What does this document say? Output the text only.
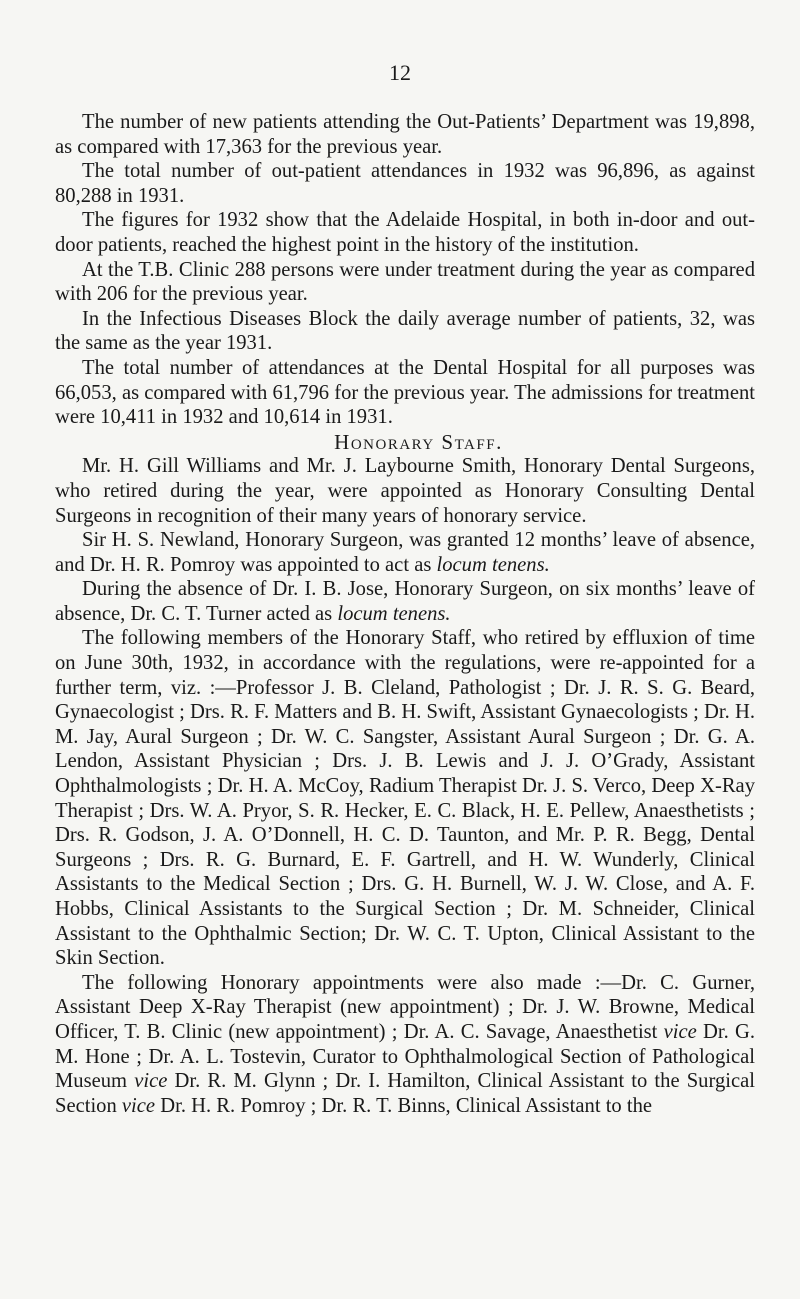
12

The number of new patients attending the Out-Patients’ Department was 19,898, as compared with 17,363 for the previous year.

The total number of out-patient attendances in 1932 was 96,896, as against 80,288 in 1931.

The figures for 1932 show that the Adelaide Hospital, in both in-door and out-door patients, reached the highest point in the history of the institution.

At the T.B. Clinic 288 persons were under treatment during the year as compared with 206 for the previous year.

In the Infectious Diseases Block the daily average number of patients, 32, was the same as the year 1931.

The total number of attendances at the Dental Hospital for all purposes was 66,053, as compared with 61,796 for the previous year. The admissions for treatment were 10,411 in 1932 and 10,614 in 1931.

Honorary Staff.

Mr. H. Gill Williams and Mr. J. Laybourne Smith, Honorary Dental Surgeons, who retired during the year, were appointed as Honorary Consulting Dental Surgeons in recognition of their many years of honorary service.

Sir H. S. Newland, Honorary Surgeon, was granted 12 months’ leave of absence, and Dr. H. R. Pomroy was appointed to act as locum tenens.

During the absence of Dr. I. B. Jose, Honorary Surgeon, on six months’ leave of absence, Dr. C. T. Turner acted as locum tenens.

The following members of the Honorary Staff, who retired by effluxion of time on June 30th, 1932, in accordance with the regulations, were re-appointed for a further term, viz. :—Professor J. B. Cleland, Pathologist ; Dr. J. R. S. G. Beard, Gynaecologist ; Drs. R. F. Matters and B. H. Swift, Assistant Gynaecologists ; Dr. H. M. Jay, Aural Surgeon ; Dr. W. C. Sangster, Assistant Aural Surgeon ; Dr. G. A. Lendon, Assistant Physician ; Drs. J. B. Lewis and J. J. O’Grady, Assistant Ophthalmologists ; Dr. H. A. McCoy, Radium Therapist Dr. J. S. Verco, Deep X-Ray Therapist ; Drs. W. A. Pryor, S. R. Hecker, E. C. Black, H. E. Pellew, Anaesthetists ; Drs. R. Godson, J. A. O’Donnell, H. C. D. Taunton, and Mr. P. R. Begg, Dental Surgeons ; Drs. R. G. Burnard, E. F. Gartrell, and H. W. Wunderly, Clinical Assistants to the Medical Section ; Drs. G. H. Burnell, W. J. W. Close, and A. F. Hobbs, Clinical Assistants to the Surgical Section ; Dr. M. Schneider, Clinical Assistant to the Ophthalmic Section; Dr. W. C. T. Upton, Clinical Assistant to the Skin Section.

The following Honorary appointments were also made :—Dr. C. Gurner, Assistant Deep X-Ray Therapist (new appointment) ; Dr. J. W. Browne, Medical Officer, T. B. Clinic (new appointment) ; Dr. A. C. Savage, Anaesthetist vice Dr. G. M. Hone ; Dr. A. L. Tostevin, Curator to Ophthalmological Section of Pathological Museum vice Dr. R. M. Glynn ; Dr. I. Hamilton, Clinical Assistant to the Surgical Section vice Dr. H. R. Pomroy ; Dr. R. T. Binns, Clinical Assistant to the
